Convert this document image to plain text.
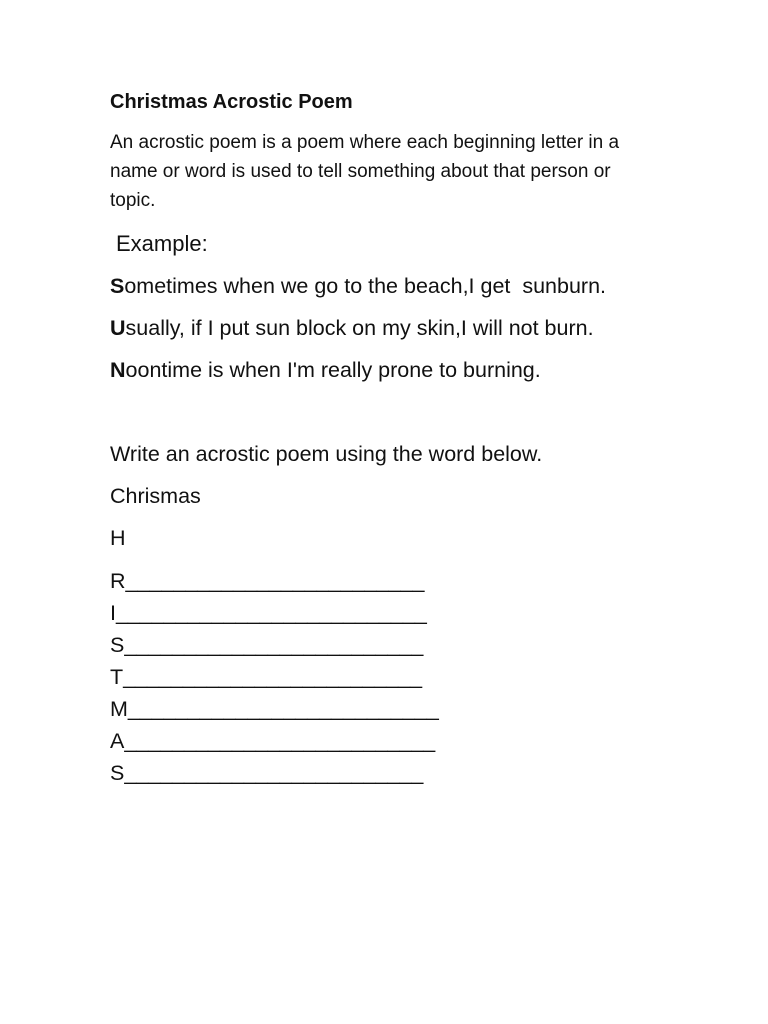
Christmas Acrostic Poem
An acrostic poem is a poem where each beginning letter in a name or word is used to tell something about that person or topic.
Example:
Sometimes when we go to the beach,I get  sunburn.
Usually, if I put sun block on my skin,I will not burn.
Noontime is when I'm really prone to burning.
Write an acrostic poem using the word below.
Chrismas
H
R_________________________
I__________________________
S_________________________
T_________________________
M__________________________
A__________________________
S_________________________
